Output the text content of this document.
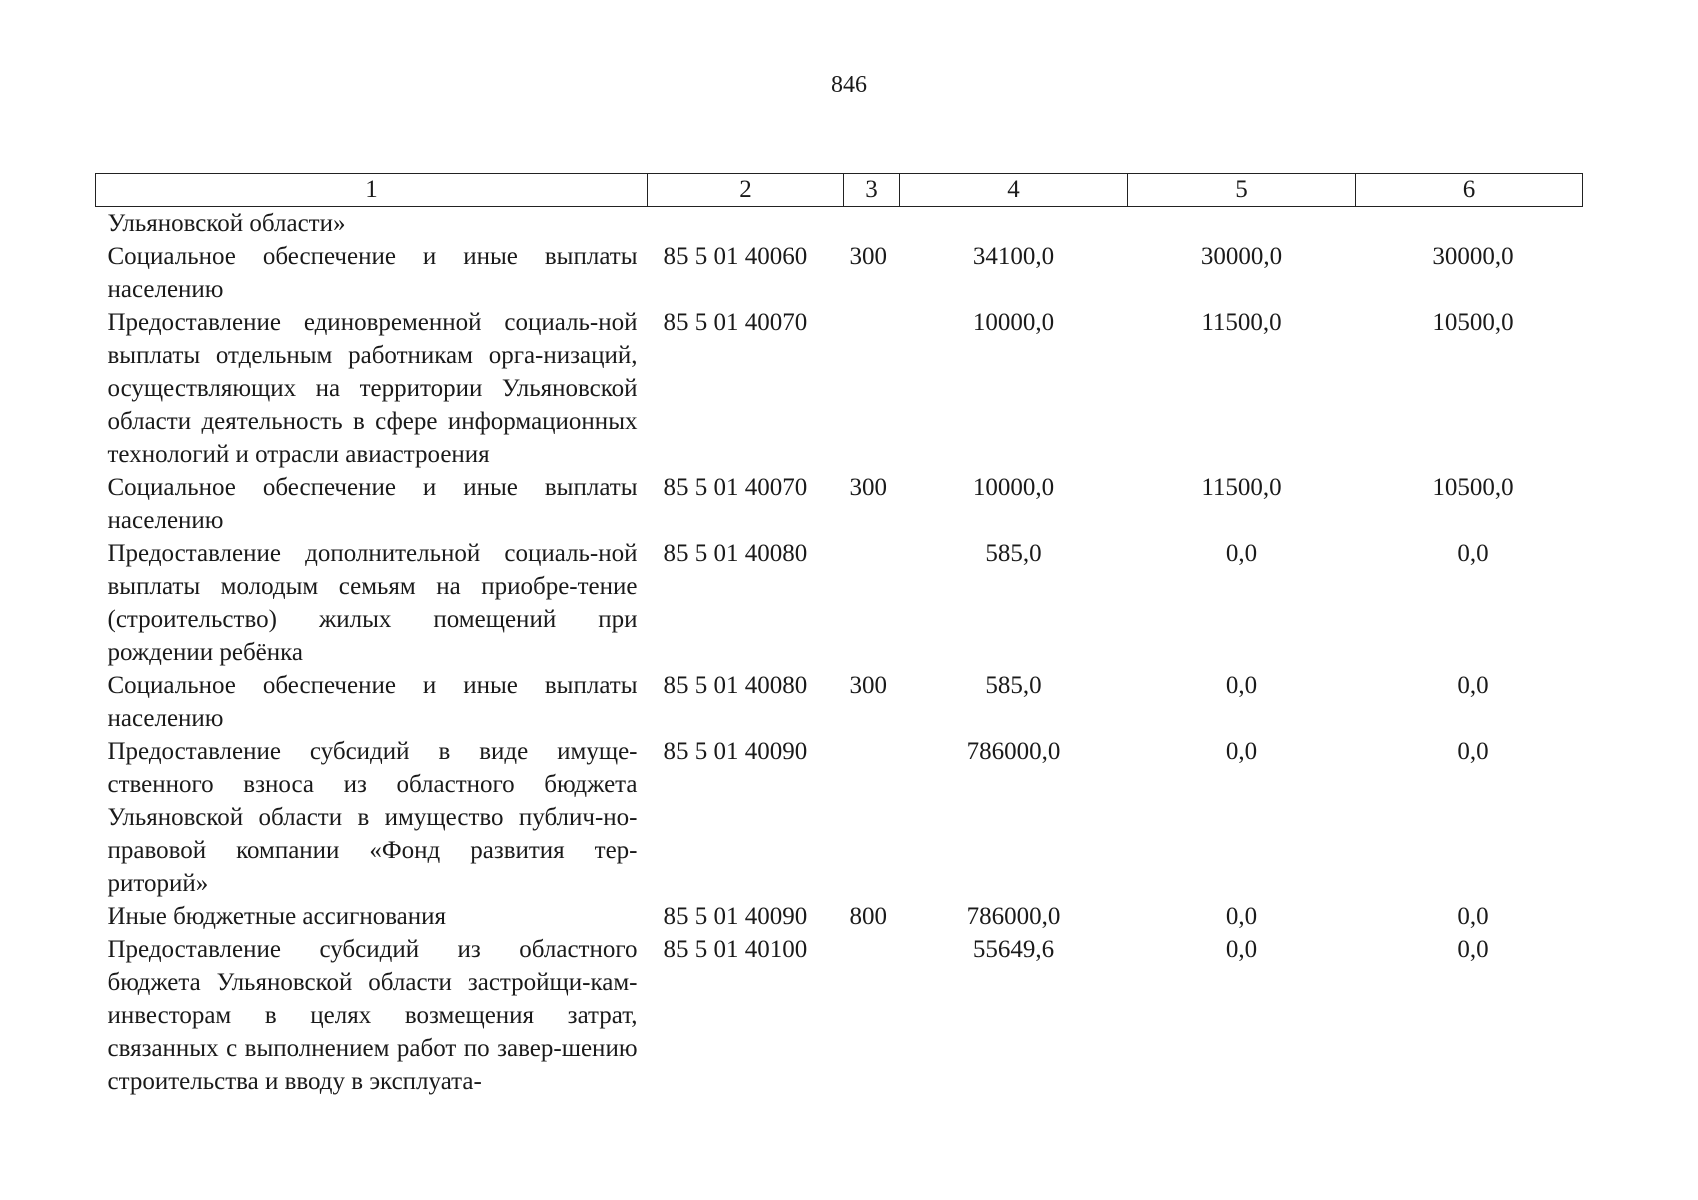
846
1	2	3	4	5	6
Ульяновской области»					
Социальное обеспечение и иные выплаты населению	85 5 01 40060	300	34100,0	30000,0	30000,0
Предоставление единовременной социаль-ной выплаты отдельным работникам орга-низаций, осуществляющих на территории Ульяновской области деятельность в сфере информационных технологий и отрасли авиастроения	85 5 01 40070		10000,0	11500,0	10500,0
Социальное обеспечение и иные выплаты населению	85 5 01 40070	300	10000,0	11500,0	10500,0
Предоставление дополнительной социаль-ной выплаты молодым семьям на приобре-тение (строительство) жилых помещений при рождении ребёнка	85 5 01 40080		585,0	0,0	0,0
Социальное обеспечение и иные выплаты населению	85 5 01 40080	300	585,0	0,0	0,0
Предоставление субсидий в виде имуще-ственного взноса из областного бюджета Ульяновской области в имущество публич-но-правовой компании «Фонд развития тер-риторий»	85 5 01 40090		786000,0	0,0	0,0
Иные бюджетные ассигнования	85 5 01 40090	800	786000,0	0,0	0,0
Предоставление субсидий из областного бюджета Ульяновской области застройщи-кам-инвесторам в целях возмещения затрат, связанных с выполнением работ по завер-шению строительства и вводу в эксплуата-	85 5 01 40100		55649,6	0,0	0,0
